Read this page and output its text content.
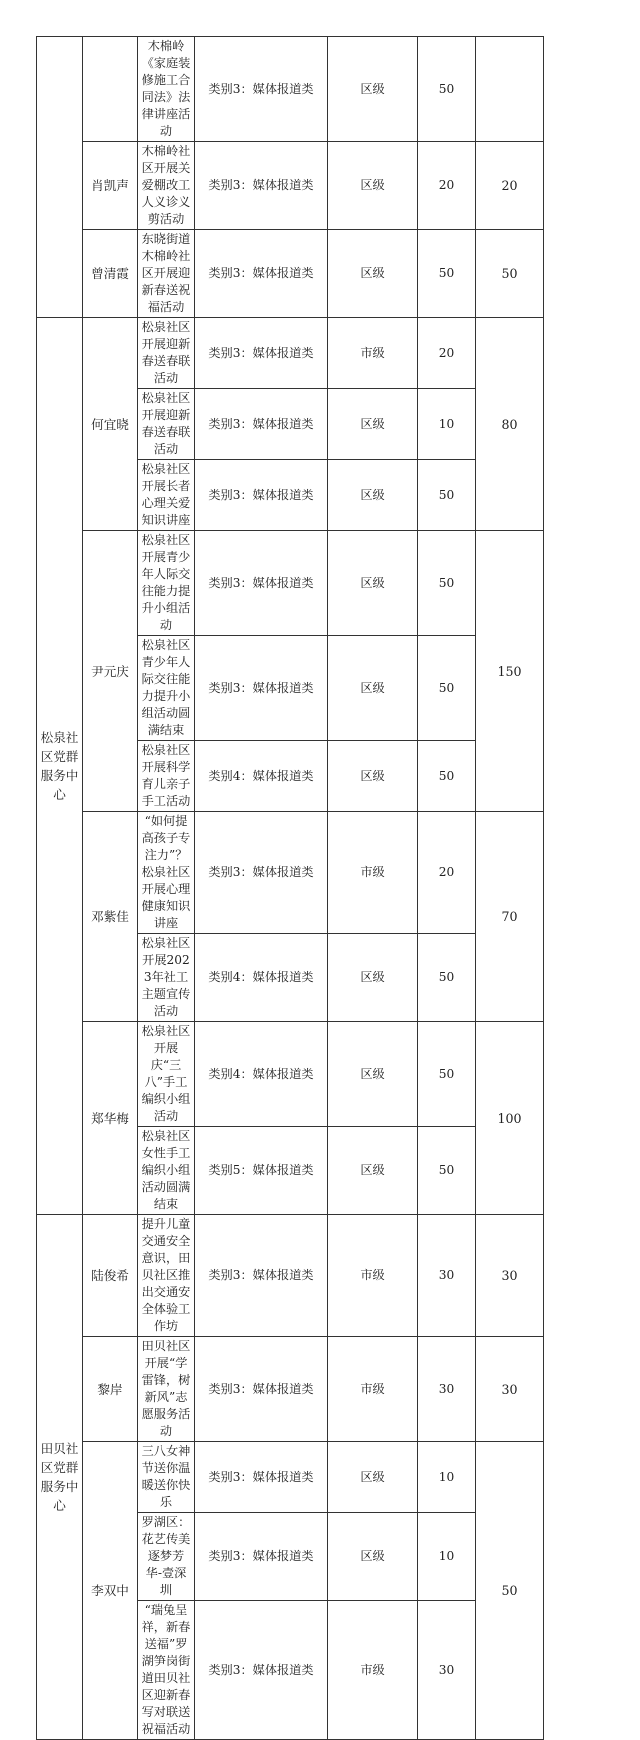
		木棉岭《家庭装修施工合同法》法律讲座活动	类别3：媒体报道类	区级	50	
	肖凯声	木棉岭社区开展关爱棚改工人义诊义剪活动	类别3：媒体报道类	区级	20	20
	曾清霞	东晓街道木棉岭社区开展迎新春送祝福活动	类别3：媒体报道类	区级	50	50
松泉社区党群服务中心	何宜晓	松泉社区开展迎新春送春联活动	类别3：媒体报道类	市级	20	80
		松泉社区开展迎新春送春联活动	类别3：媒体报道类	区级	10	
		松泉社区开展长者心理关爱知识讲座	类别3：媒体报道类	区级	50	
	尹元庆	松泉社区开展青少年人际交往能力提升小组活动	类别3：媒体报道类	区级	50	150
		松泉社区青少年人际交往能力提升小组活动圆满结束	类别3：媒体报道类	区级	50	
		松泉社区开展科学育儿亲子手工活动	类别4：媒体报道类	区级	50	
	邓紫佳	“如何提高孩子专注力”？ 松泉社区开展心理健康知识讲座	类别3：媒体报道类	市级	20	70
		松泉社区开展2023年社工主题宣传活动	类别4：媒体报道类	区级	50	
	郑华梅	松泉社区开展庆“三八”手工编织小组活动	类别4：媒体报道类	区级	50	100
		松泉社区女性手工编织小组活动圆满结束	类别5：媒体报道类	区级	50	
田贝社区党群服务中心	陆俊希	提升儿童交通安全意识，田贝社区推出交通安全体验工作坊	类别3：媒体报道类	市级	30	30
	黎岸	田贝社区开展“学雷锋，树新风”志愿服务活动	类别3：媒体报道类	市级	30	30
	李双中	三八女神节送你温暖送你快乐	类别3：媒体报道类	区级	10	50
		罗湖区：花艺传美 逐梦芳华-壹深圳	类别3：媒体报道类	区级	10	
		“瑞兔呈祥，新春送福”罗湖笋岗街道田贝社区迎新春写对联送祝福活动	类别3：媒体报道类	市级	30	
